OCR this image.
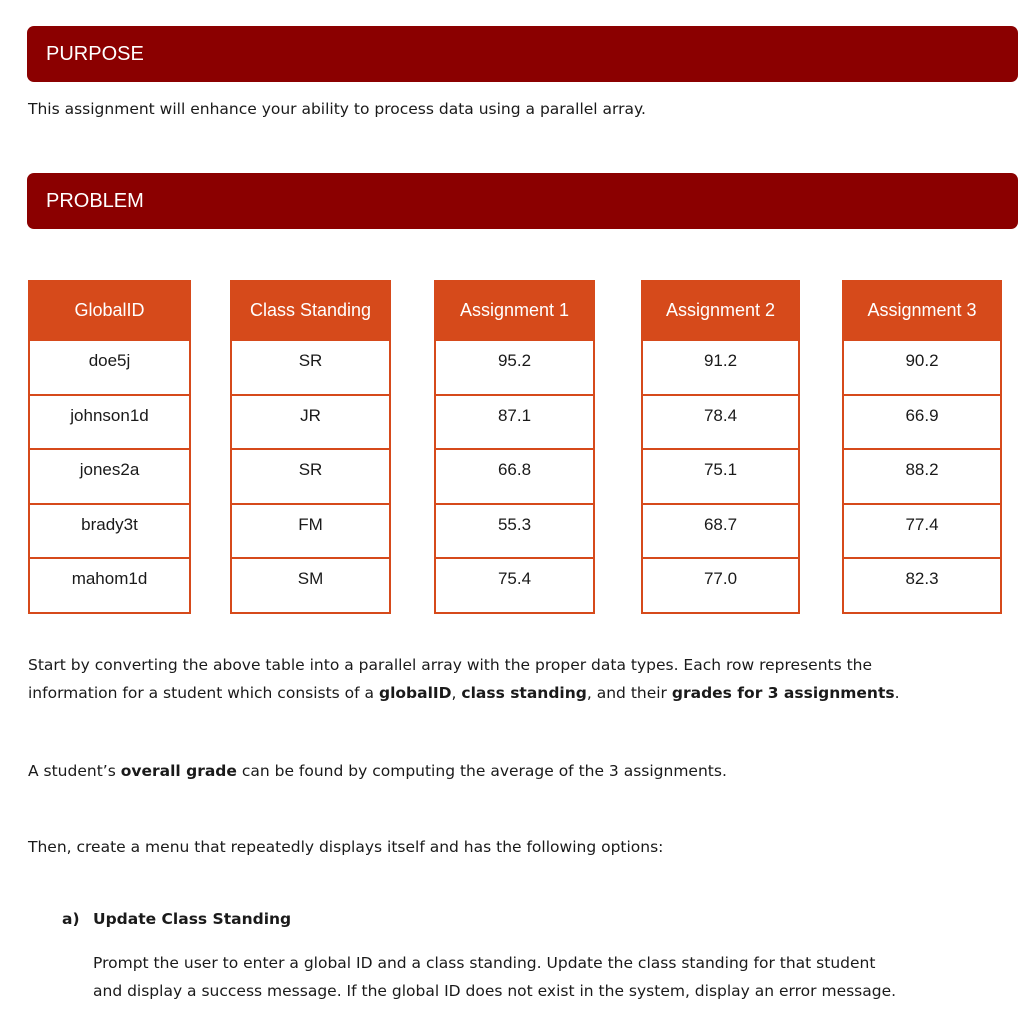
PURPOSE

This assignment will enhance your ability to process data using a parallel array.

PROBLEM
GlobalID
doe5j
johnson1d
jones2a
brady3t
mahom1d
Class Standing
SR
JR
SR
FM
SM
Assignment 1
95.2
87.1
66.8
55.3
75.4
Assignment 2
91.2
78.4
75.1
68.7
77.0
Assignment 3
90.2
66.9
88.2
77.4
82.3

Start by converting the above table into a parallel array with the proper data types. Each row represents the

information for a student which consists of a globalID, class standing, and their grades for 3 assignments.

A student’s overall grade can be found by computing the average of the 3 assignments.

Then, create a menu that repeatedly displays itself and has the following options:

a) Update Class Standing

Prompt the user to enter a global ID and a class standing. Update the class standing for that student

and display a success message. If the global ID does not exist in the system, display an error message.
